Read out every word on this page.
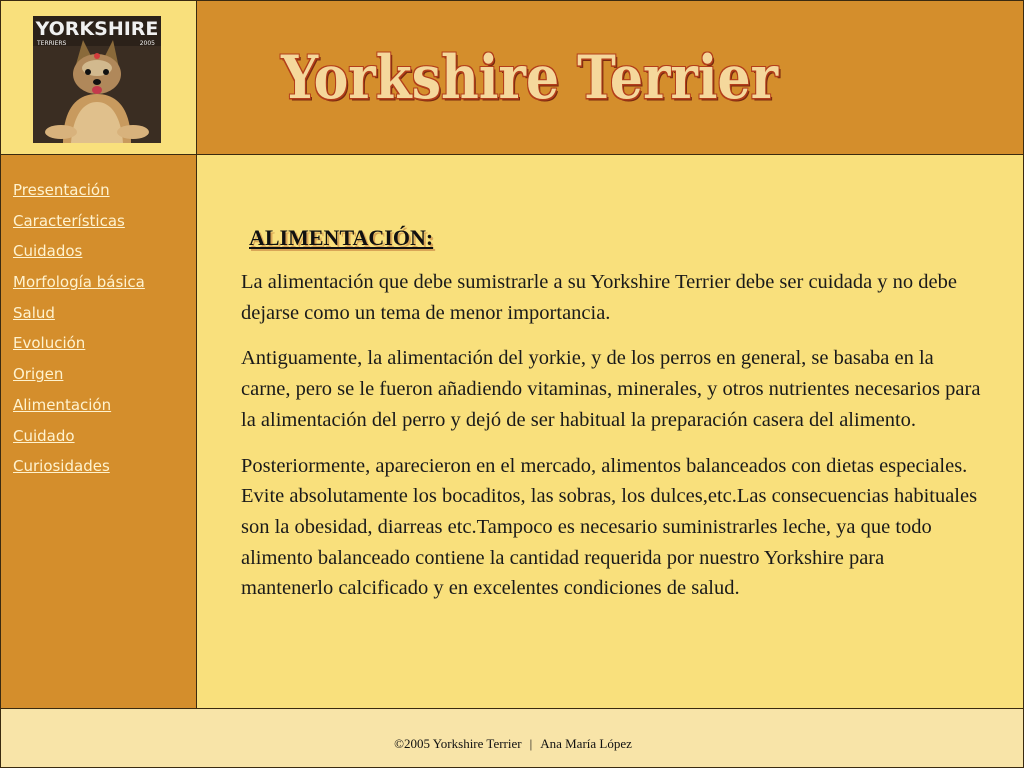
YORKSHIRE
TERRIERS	2005 Yorkshire Terrier
Presentación
Características
Cuidados
Morfología básica
Salud
Evolución
Origen
Alimentación
Cuidado
Curiosidades
ALIMENTACIÓN:

La alimentación que debe sumistrarle a su Yorkshire Terrier debe ser cuidada y no debe dejarse como un tema de menor importancia.

Antiguamente, la alimentación del yorkie, y de los perros en general, se basaba en la carne, pero se le fueron añadiendo vitaminas, minerales, y otros nutrientes necesarios para la alimentación del perro y dejó de ser habitual la preparación casera del alimento.

Posteriormente, aparecieron en el mercado, alimentos balanceados con dietas especiales. Evite absolutamente los bocaditos, las sobras, los dulces,etc.Las consecuencias habituales son la obesidad, diarreas etc.Tampoco es necesario suministrarles leche, ya que todo alimento balanceado contiene la cantidad requerida por nuestro Yorkshire para mantenerlo calcificado y en excelentes condiciones de salud.

©2005 Yorkshire Terrier | Ana María López
